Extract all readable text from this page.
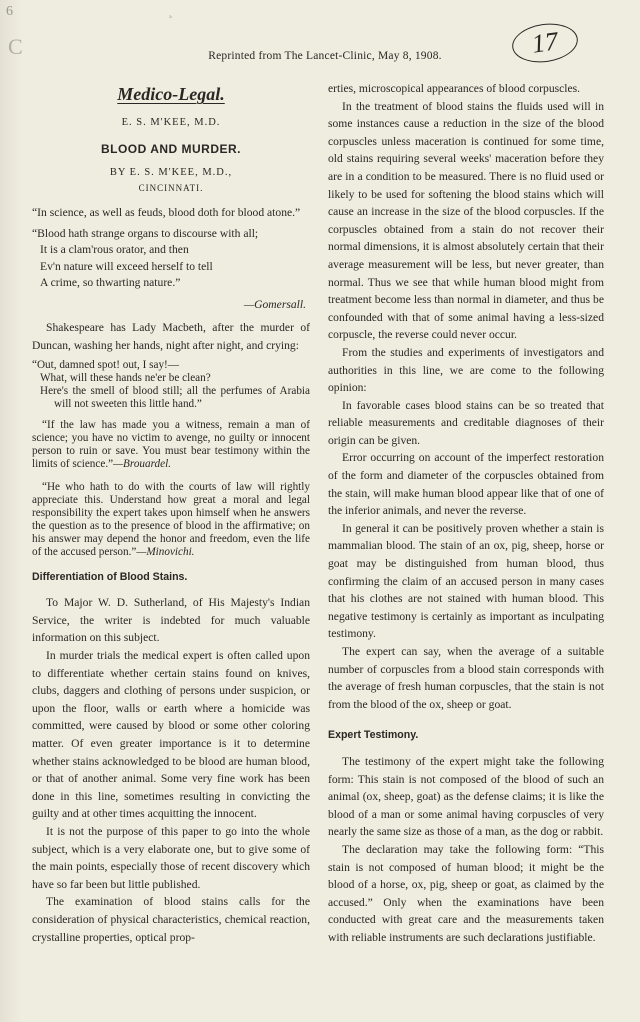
6
C
¸
Reprinted from The Lancet-Clinic, May 8, 1908.	17
Medico-Legal.
E. S. M'KEE, M.D.
BLOOD AND MURDER.
BY E. S. M'KEE, M.D.,
CINCINNATI.

“In science, as well as feuds, blood doth for blood atone.”

“Blood hath strange organs to discourse with all;
It is a clam'rous orator, and then
Ev'n nature will exceed herself to tell
A crime, so thwarting nature.”
—Gomersall.

Shakespeare has Lady Macbeth, after the murder of Duncan, washing her hands, night after night, and crying:

“Out, damned spot! out, I say!—
What, will these hands ne'er be clean?
Here's the smell of blood still; all the perfumes of Arabia will not sweeten this little hand.”

“If the law has made you a witness, remain a man of science; you have no victim to avenge, no guilty or innocent person to ruin or save. You must bear testimony within the limits of science.”—Brouardel.

“He who hath to do with the courts of law will rightly appreciate this. Understand how great a moral and legal responsibility the expert takes upon himself when he answers the question as to the presence of blood in the affirmative; on his answer may depend the honor and freedom, even the life of the accused person.”—Minovichi.

Differentiation of Blood Stains.

To Major W. D. Sutherland, of His Majesty's Indian Service, the writer is indebted for much valuable information on this subject.

In murder trials the medical expert is often called upon to differentiate whether certain stains found on knives, clubs, daggers and clothing of persons under suspicion, or upon the floor, walls or earth where a homicide was committed, were caused by blood or some other coloring matter. Of even greater importance is it to determine whether stains acknowledged to be blood are human blood, or that of another animal. Some very fine work has been done in this line, sometimes resulting in convicting the guilty and at other times acquitting the innocent.

It is not the purpose of this paper to go into the whole subject, which is a very elaborate one, but to give some of the main points, especially those of recent discovery which have so far been but little published.

The examination of blood stains calls for the consideration of physical characteristics, chemical reaction, crystalline properties, optical prop-

erties, microscopical appearances of blood corpuscles.

In the treatment of blood stains the fluids used will in some instances cause a reduction in the size of the blood corpuscles unless maceration is continued for some time, old stains requiring several weeks' maceration before they are in a condition to be measured. There is no fluid used or likely to be used for softening the blood stains which will cause an increase in the size of the blood corpuscles. If the corpuscles obtained from a stain do not recover their normal dimensions, it is almost absolutely certain that their average measurement will be less, but never greater, than normal. Thus we see that while human blood might from treatment become less than normal in diameter, and thus be confounded with that of some animal having a less-sized corpuscle, the reverse could never occur.

From the studies and experiments of investigators and authorities in this line, we are come to the following opinion:

In favorable cases blood stains can be so treated that reliable measurements and creditable diagnoses of their origin can be given.

Error occurring on account of the imperfect restoration of the form and diameter of the corpuscles obtained from the stain, will make human blood appear like that of one of the inferior animals, and never the reverse.

In general it can be positively proven whether a stain is mammalian blood. The stain of an ox, pig, sheep, horse or goat may be distinguished from human blood, thus confirming the claim of an accused person in many cases that his clothes are not stained with human blood. This negative testimony is certainly as important as inculpating testimony.

The expert can say, when the average of a suitable number of corpuscles from a blood stain corresponds with the average of fresh human corpuscles, that the stain is not from the blood of the ox, sheep or goat.

Expert Testimony.

The testimony of the expert might take the following form: This stain is not composed of the blood of such an animal (ox, sheep, goat) as the defense claims; it is like the blood of a man or some animal having corpuscles of very nearly the same size as those of a man, as the dog or rabbit.

The declaration may take the following form: “This stain is not composed of human blood; it might be the blood of a horse, ox, pig, sheep or goat, as claimed by the accused.” Only when the examinations have been conducted with great care and the measurements taken with reliable instruments are such declarations justifiable.
